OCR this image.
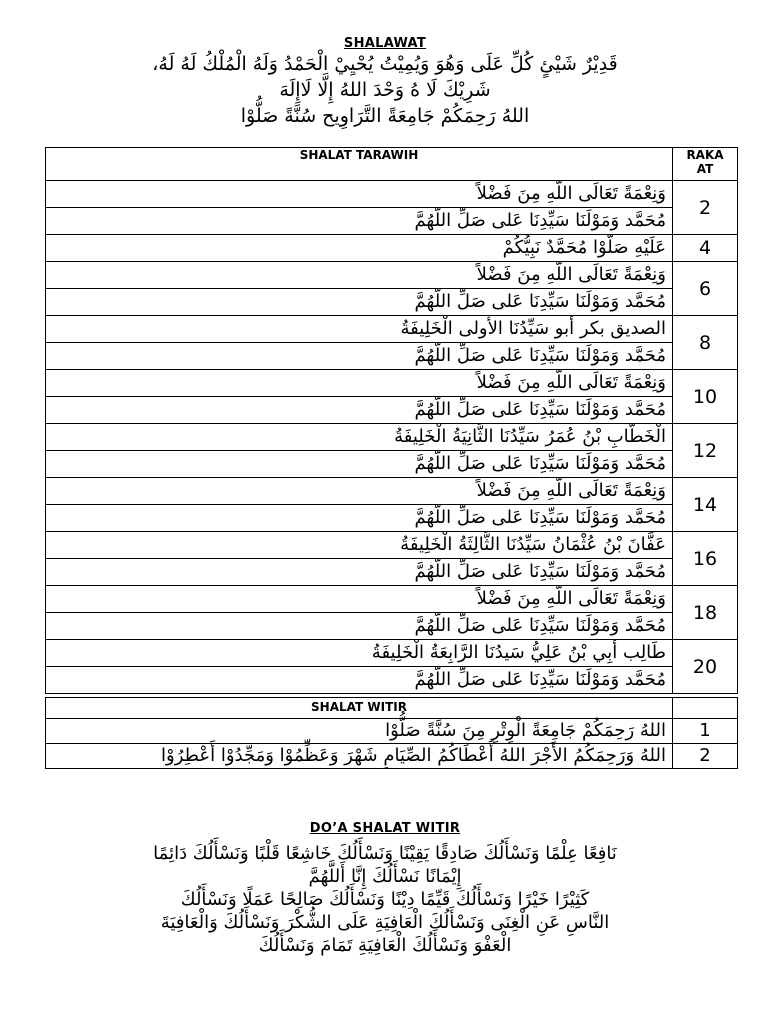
SHALAWAT
قَدِيْرٌ شَيْئٍ كُلِّ عَلَى وَهُوَ وَيُمِيْتُ يُحْيِيْ الْحَمْدُ وَلَهُ الْمُلْكُ لَهُ لَهُ،
شَرِيْكَ لَا هُ وَحْدَ اللهُ إِلَّا لَاإِلَهَ
اللهُ رَحِمَكُمْ جَامِعَةً التَّرَاوِيح سُنَّةً صَلُّوْا
SHALAT TARAWIH	RAKA AT
وَنِعْمَةً تَعَالَى اللَّهِ مِنَ فَضْلاً	2
مُحَمَّد وَمَوْلَنَا سَيِّدِنَا عَلى صَلِّ اللَّهُمَّ	
عَلَيْهِ صَلُّوْا مُحَمَّدٌ نَبِيُّكُمْ	4
وَنِعْمَةً تَعَالَى اللَّهِ مِنَ فَضْلاً	6
مُحَمَّد وَمَوْلَنَا سَيِّدِنَا عَلى صَلِّ اللَّهُمَّ	
الصديق بكر أبو سَيِّدُنَا الأولى الْخَلِيفَةُ	8
مُحَمَّد وَمَوْلَنَا سَيِّدِنَا عَلى صَلِّ اللَّهُمَّ	
وَنِعْمَةً تَعَالَى اللَّهِ مِنَ فَضْلاً	10
مُحَمَّد وَمَوْلَنَا سَيِّدِنَا عَلى صَلِّ اللَّهُمَّ	
الْخَطَّابِ بْنُ عُمَرُ سَيِّدُنَا الثَّانِيَةُ الْخَلِيفَةُ	12
مُحَمَّد وَمَوْلَنَا سَيِّدِنَا عَلى صَلِّ اللَّهُمَّ	
وَنِعْمَةً تَعَالَى اللَّهِ مِنَ فَضْلاً	14
مُحَمَّد وَمَوْلَنَا سَيِّدِنَا عَلى صَلِّ اللَّهُمَّ	
عَفَّانَ بْنُ عُثْمَانُ سَيِّدُنَا الثَّالِثَةُ الْخَلِيفَةُ	16
مُحَمَّد وَمَوْلَنَا سَيِّدِنَا عَلى صَلِّ اللَّهُمَّ	
وَنِعْمَةً تَعَالَى اللَّهِ مِنَ فَضْلاً	18
مُحَمَّد وَمَوْلَنَا سَيِّدِنَا عَلى صَلِّ اللَّهُمَّ	
طَالِب أَبِي بْنُ عَلِيُّ سَيدُنَا الرَّابِعَةُ الْخَلِيفَةُ	20
مُحَمَّد وَمَوْلَنَا سَيِّدِنَا عَلى صَلِّ اللَّهُمَّ	
SHALAT WITIR	
اللهُ رَحِمَكُمْ جَامِعَةً الْوِتْرِ مِنَ سُنَّةً صَلُّوْا	1
اللهُ وَرَحِمَكُمُ الأَجْرَ اللهُ أَعْطَاكُمُ الصِّيَامِ شَهْرَ وَعَظِّمُوْا وَمَجِّدُوْا أَعْطِرُوْا	2
DO’A SHALAT WITIR
نَافِعًا عِلْمًا وَنَسْأَلُكَ صَادِقًا يَقِيْنًا وَنَسْأَلُكَ خَاشِعًا قَلْبًا وَنَسْأَلُكَ دَائِمًا
إِيْمَانًا نَسْأَلُكَ إِنَّا أَللَّهُمَّ
كَثِيْرًا خَيْرًا وَنَسْأَلُكَ قَيِّمًا دِيْنًا وَنَسْأَلُكَ صَالِحًا عَمَلًا وَنَسْأَلُكَ
النَّاسِ عَنِ الْغِنَى وَنَسْأَلُكَ الْعَافِيَةِ عَلَى الشُّكْرَ وَنَسْأَلُكَ وَالْعَافِيَةَ
الْعَفْوَ وَنَسْأَلُكَ الْعَافِيَةِ تَمَامَ وَنَسْأَلُكَ
